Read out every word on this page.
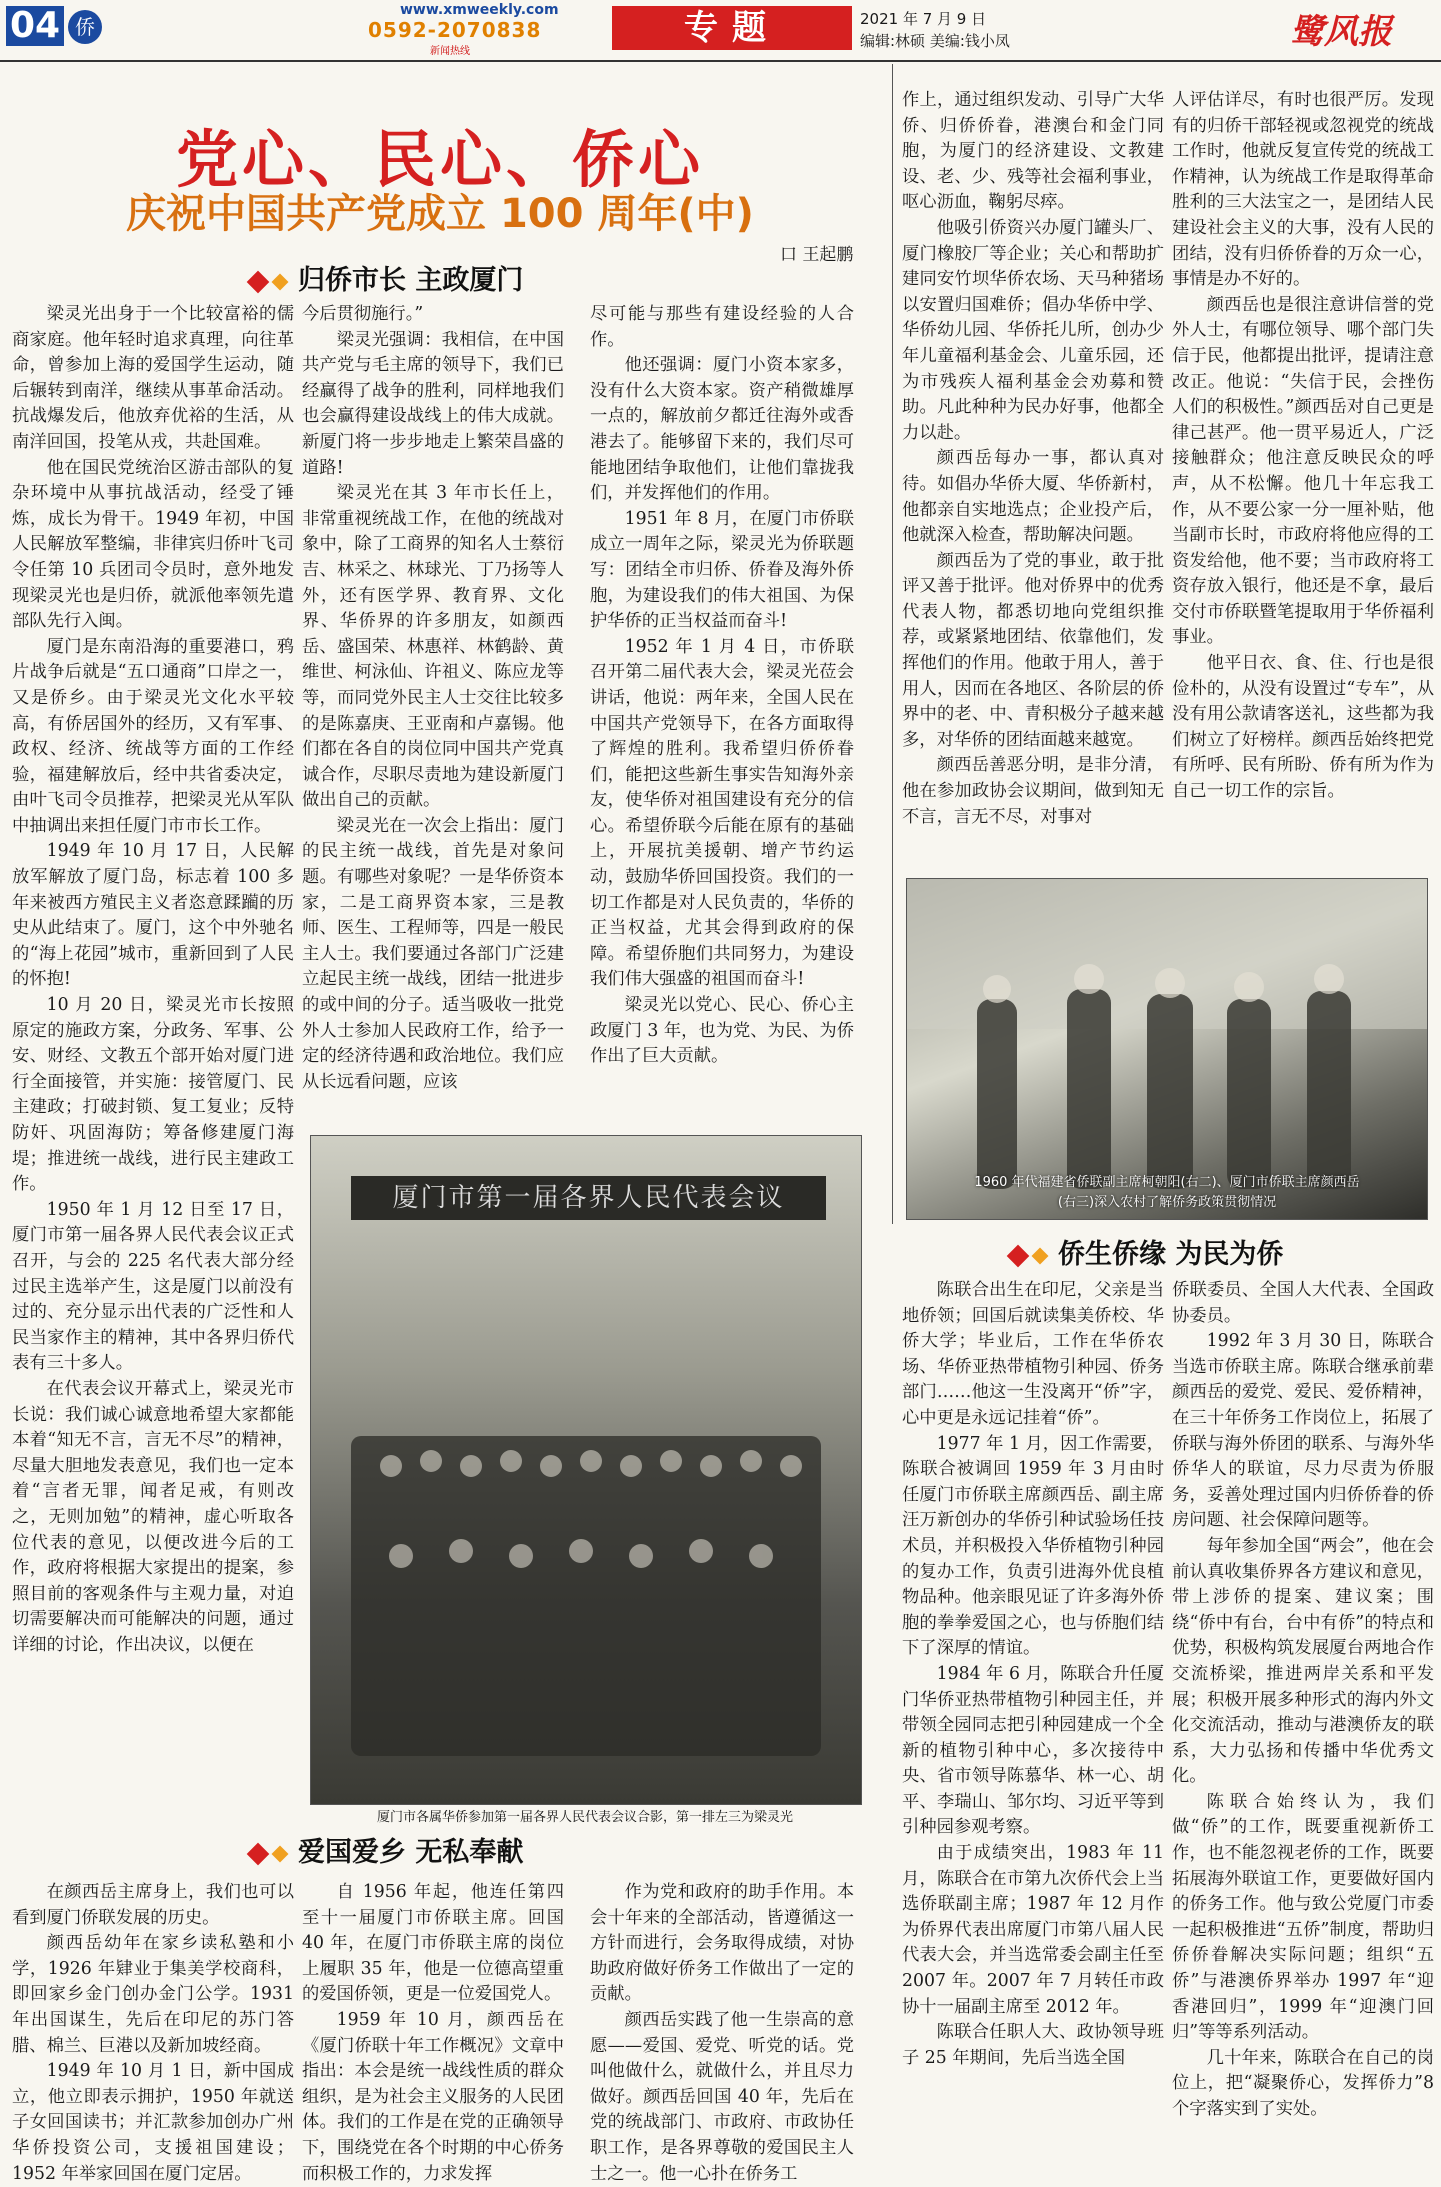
04 侨
www.xmweekly.com
0592-2070838
新闻热线
专题	2021 年 7 月 9 日
编辑:林硕 美编:钱小凤	鹭风报
党心、民心、侨心
庆祝中国共产党成立 100 周年(中)
口 王起鹏
归侨市长 主政厦门

梁灵光出身于一个比较富裕的儒商家庭。他年轻时追求真理，向往革命，曾参加上海的爱国学生运动，随后辗转到南洋，继续从事革命活动。抗战爆发后，他放弃优裕的生活，从南洋回国，投笔从戎，共赴国难。

他在国民党统治区游击部队的复杂环境中从事抗战活动，经受了锤炼，成长为骨干。1949 年初，中国人民解放军整编，非律宾归侨叶飞司令任第 10 兵团司令员时，意外地发现梁灵光也是归侨，就派他率领先遣部队先行入闽。

厦门是东南沿海的重要港口，鸦片战争后就是“五口通商”口岸之一，又是侨乡。由于梁灵光文化水平较高，有侨居国外的经历，又有军事、政权、经济、统战等方面的工作经验，福建解放后，经中共省委决定，由叶飞司令员推荐，把梁灵光从军队中抽调出来担任厦门市市长工作。

1949 年 10 月 17 日，人民解放军解放了厦门岛，标志着 100 多年来被西方殖民主义者恣意蹂躏的历史从此结束了。厦门，这个中外驰名的“海上花园”城市，重新回到了人民的怀抱!

10 月 20 日，梁灵光市长按照原定的施政方案，分政务、军事、公安、财经、文教五个部开始对厦门进行全面接管，并实施：接管厦门、民主建政；打破封锁、复工复业；反特防奸、巩固海防；筹备修建厦门海堤；推进统一战线，进行民主建政工作。

1950 年 1 月 12 日至 17 日，厦门市第一届各界人民代表会议正式召开，与会的 225 名代表大部分经过民主选举产生，这是厦门以前没有过的、充分显示出代表的广泛性和人民当家作主的精神，其中各界归侨代表有三十多人。

在代表会议开幕式上，梁灵光市长说：我们诚心诚意地希望大家都能本着“知无不言，言无不尽”的精神，尽量大胆地发表意见，我们也一定本着“言者无罪，闻者足戒，有则改之，无则加勉”的精神，虚心听取各位代表的意见，以便改进今后的工作，政府将根据大家提出的提案，参照目前的客观条件与主观力量，对迫切需要解决而可能解决的问题，通过详细的讨论，作出决议，以便在

今后贯彻施行。”

梁灵光强调：我相信，在中国共产党与毛主席的领导下，我们已经赢得了战争的胜利，同样地我们也会赢得建设战线上的伟大成就。新厦门将一步步地走上繁荣昌盛的道路!

梁灵光在其 3 年市长任上，非常重视统战工作，在他的统战对象中，除了工商界的知名人士蔡衍吉、林采之、林球光、丁乃扬等人外，还有医学界、教育界、文化界、华侨界的许多朋友，如颜西岳、盛国荣、林惠祥、林鹤龄、黄维世、柯泳仙、许祖义、陈应龙等等，而同党外民主人士交往比较多的是陈嘉庚、王亚南和卢嘉锡。他们都在各自的岗位同中国共产党真诚合作，尽职尽责地为建设新厦门做出自己的贡献。

梁灵光在一次会上指出：厦门的民主统一战线，首先是对象问题。有哪些对象呢？一是华侨资本家，二是工商界资本家，三是教师、医生、工程师等，四是一般民主人士。我们要通过各部门广泛建立起民主统一战线，团结一批进步的或中间的分子。适当吸收一批党外人士参加人民政府工作，给予一定的经济待遇和政治地位。我们应从长远看问题，应该

尽可能与那些有建设经验的人合作。

他还强调：厦门小资本家多，没有什么大资本家。资产稍微雄厚一点的，解放前夕都迁往海外或香港去了。能够留下来的，我们尽可能地团结争取他们，让他们靠拢我们，并发挥他们的作用。

1951 年 8 月，在厦门市侨联成立一周年之际，梁灵光为侨联题写：团结全市归侨、侨眷及海外侨胞，为建设我们的伟大祖国、为保护华侨的正当权益而奋斗!

1952 年 1 月 4 日，市侨联召开第二届代表大会，梁灵光莅会讲话，他说：两年来，全国人民在中国共产党领导下，在各方面取得了辉煌的胜利。我希望归侨侨眷们，能把这些新生事实告知海外亲友，使华侨对祖国建设有充分的信心。希望侨联今后能在原有的基础上，开展抗美援朝、增产节约运动，鼓励华侨回国投资。我们的一切工作都是对人民负责的，华侨的正当权益，尤其会得到政府的保障。希望侨胞们共同努力，为建设我们伟大强盛的祖国而奋斗!

梁灵光以党心、民心、侨心主政厦门 3 年，也为党、为民、为侨作出了巨大贡献。

厦门市第一届各界人民代表会议
厦门市各属华侨参加第一届各界人民代表会议合影，第一排左三为梁灵光
爱国爱乡 无私奉献

在颜西岳主席身上，我们也可以看到厦门侨联发展的历史。

颜西岳幼年在家乡读私塾和小学，1926 年肄业于集美学校商科，即回家乡金门创办金门公学。1931 年出国谋生，先后在印尼的苏门答腊、棉兰、巨港以及新加坡经商。

1949 年 10 月 1 日，新中国成立，他立即表示拥护，1950 年就送子女回国读书；并汇款参加创办广州华侨投资公司，支援祖国建设；1952 年举家回国在厦门定居。

自 1956 年起，他连任第四至十一届厦门市侨联主席。回国 40 年，在厦门市侨联主席的岗位上履职 35 年，他是一位德高望重的爱国侨领，更是一位爱国党人。

1959 年 10 月，颜西岳在《厦门侨联十年工作概况》文章中指出：本会是统一战线性质的群众组织，是为社会主义服务的人民团体。我们的工作是在党的正确领导下，围绕党在各个时期的中心侨务而积极工作的，力求发挥

作为党和政府的助手作用。本会十年来的全部活动，皆遵循这一方针而进行，会务取得成绩，对协助政府做好侨务工作做出了一定的贡献。

颜西岳实践了他一生崇高的意愿——爱国、爱党、听党的话。党叫他做什么，就做什么，并且尽力做好。颜西岳回国 40 年，先后在党的统战部门、市政府、市政协任职工作，是各界尊敬的爱国民主人士之一。他一心扑在侨务工

作上，通过组织发动、引导广大华侨、归侨侨眷，港澳台和金门同胞，为厦门的经济建设、文教建设、老、少、残等社会福利事业，呕心沥血，鞠躬尽瘁。

他吸引侨资兴办厦门罐头厂、厦门橡胶厂等企业；关心和帮助扩建同安竹坝华侨农场、天马种猪场以安置归国难侨；倡办华侨中学、华侨幼儿园、华侨托儿所，创办少年儿童福利基金会、儿童乐园，还为市残疾人福利基金会劝募和赞助。凡此种种为民办好事，他都全力以赴。

颜西岳每办一事，都认真对待。如倡办华侨大厦、华侨新村，他都亲自实地选点；企业投产后，他就深入检查，帮助解决问题。

颜西岳为了党的事业，敢于批评又善于批评。他对侨界中的优秀代表人物，都悉切地向党组织推荐，或紧紧地团结、依靠他们，发挥他们的作用。他敢于用人，善于用人，因而在各地区、各阶层的侨界中的老、中、青积极分子越来越多，对华侨的团结面越来越宽。

颜西岳善恶分明，是非分清，他在参加政协会议期间，做到知无不言，言无不尽，对事对

人评估详尽，有时也很严厉。发现有的归侨干部轻视或忽视党的统战工作时，他就反复宣传党的统战工作精神，认为统战工作是取得革命胜利的三大法宝之一，是团结人民建设社会主义的大事，没有人民的团结，没有归侨侨眷的万众一心，事情是办不好的。

颜西岳也是很注意讲信誉的党外人士，有哪位领导、哪个部门失信于民，他都提出批评，提请注意改正。他说：“失信于民，会挫伤人们的积极性。”颜西岳对自己更是律己甚严。他一贯平易近人，广泛接触群众；他注意反映民众的呼声，从不松懈。他几十年忘我工作，从不要公家一分一厘补贴，他当副市长时，市政府将他应得的工资发给他，他不要；当市政府将工资存放入银行，他还是不拿，最后交付市侨联暨笔提取用于华侨福利事业。

他平日衣、食、住、行也是很俭朴的，从没有设置过“专车”，从没有用公款请客送礼，这些都为我们树立了好榜样。颜西岳始终把党有所呼、民有所盼、侨有所为作为自己一切工作的宗旨。

1960 年代福建省侨联副主席柯朝阳(右二)、厦门市侨联主席颜西岳
(右三)深入农村了解侨务政策贯彻情况
侨生侨缘 为民为侨

陈联合出生在印尼，父亲是当地侨领；回国后就读集美侨校、华侨大学；毕业后，工作在华侨农场、华侨亚热带植物引种园、侨务部门……他这一生没离开“侨”字，心中更是永远记挂着“侨”。

1977 年 1 月，因工作需要，陈联合被调回 1959 年 3 月由时任厦门市侨联主席颜西岳、副主席汪万新创办的华侨引种试验场任技术员，并积极投入华侨植物引种园的复办工作，负责引进海外优良植物品种。他亲眼见证了许多海外侨胞的拳拳爱国之心，也与侨胞们结下了深厚的情谊。

1984 年 6 月，陈联合升任厦门华侨亚热带植物引种园主任，并带领全园同志把引种园建成一个全新的植物引种中心，多次接待中央、省市领导陈慕华、林一心、胡平、李瑞山、邹尔均、习近平等到引种园参观考察。

由于成绩突出，1983 年 11 月，陈联合在市第九次侨代会上当选侨联副主席；1987 年 12 月作为侨界代表出席厦门市第八届人民代表大会，并当选常委会副主任至 2007 年。2007 年 7 月转任市政协十一届副主席至 2012 年。

陈联合任职人大、政协领导班子 25 年期间，先后当选全国

侨联委员、全国人大代表、全国政协委员。

1992 年 3 月 30 日，陈联合当选市侨联主席。陈联合继承前辈颜西岳的爱党、爱民、爱侨精神，在三十年侨务工作岗位上，拓展了侨联与海外侨团的联系、与海外华侨华人的联谊，尽力尽责为侨服务，妥善处理过国内归侨侨眷的侨房问题、社会保障问题等。

每年参加全国“两会”，他在会前认真收集侨界各方建议和意见，带上涉侨的提案、建议案；围绕“侨中有台，台中有侨”的特点和优势，积极构筑发展厦台两地合作交流桥梁，推进两岸关系和平发展；积极开展多种形式的海内外文化交流活动，推动与港澳侨友的联系，大力弘扬和传播中华优秀文化。

陈联合始终认为，我们做“侨”的工作，既要重视新侨工作，也不能忽视老侨的工作，既要拓展海外联谊工作，更要做好国内的侨务工作。他与致公党厦门市委一起积极推进“五侨”制度，帮助归侨侨眷解决实际问题；组织“五侨”与港澳侨界举办 1997 年“迎香港回归”，1999 年“迎澳门回归”等等系列活动。

几十年来，陈联合在自己的岗位上，把“凝聚侨心，发挥侨力”8 个字落实到了实处。
